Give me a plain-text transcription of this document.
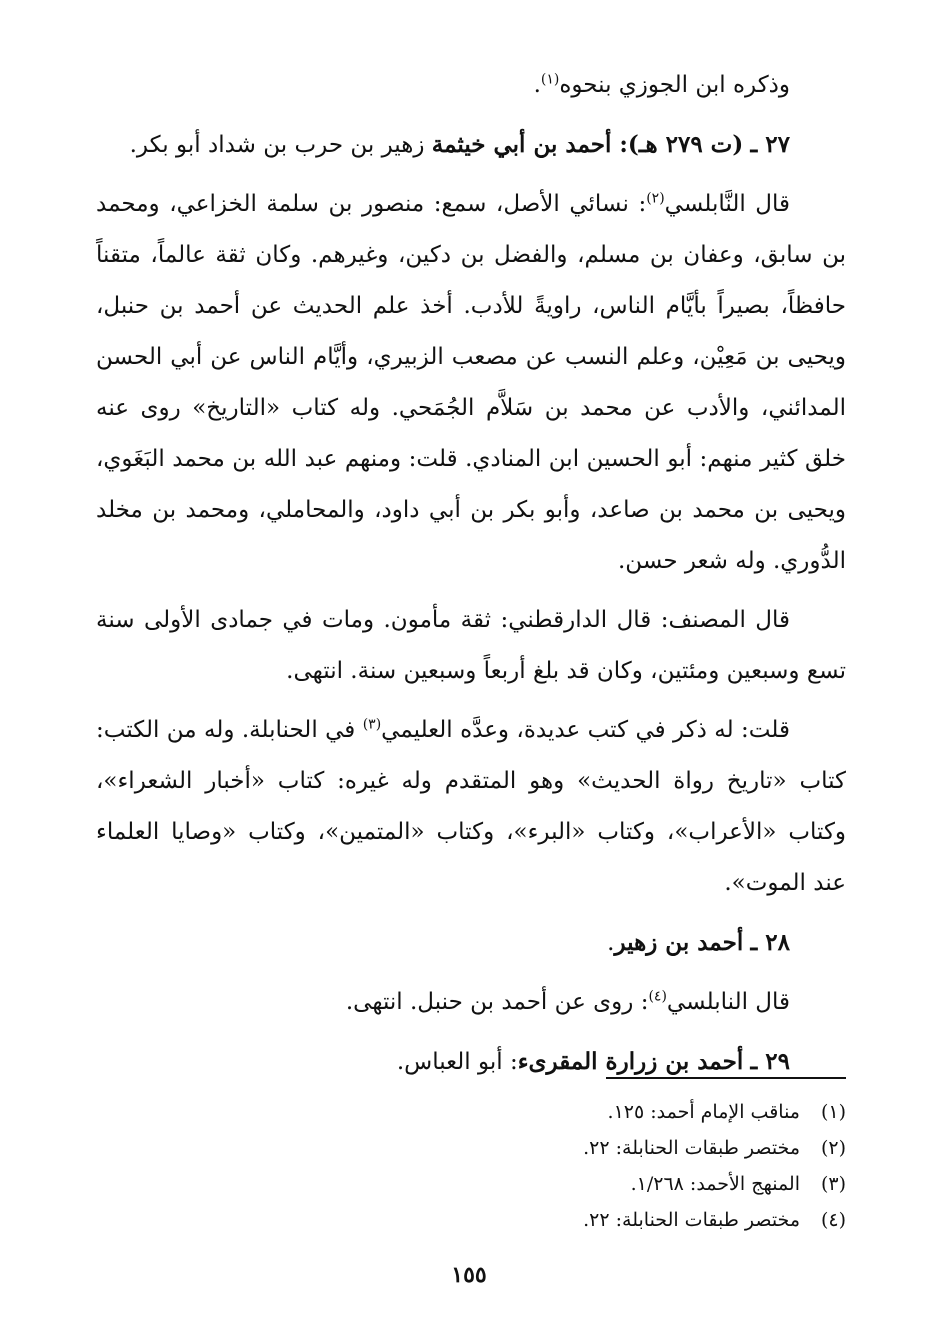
وذكره ابن الجوزي بنحوه$^{(١)}$.

٢٧ ـ (ت ٢٧٩ هـ): أحمد بن أبي خيثمة زهير بن حرب بن شداد أبو بكر.

قال النَّابلسي$^{(٢)}$: نسائي الأصل، سمع: منصور بن سلمة الخزاعي، ومحمد بن سابق، وعفان بن مسلم، والفضل بن دكين، وغيرهم. وكان ثقة عالماً، متقناً حافظاً، بصيراً بأيَّام الناس، راويةً للأدب. أخذ علم الحديث عن أحمد بن حنبل، ويحيى بن مَعِيْن، وعلم النسب عن مصعب الزبيري، وأيَّام الناس عن أبي الحسن المدائني، والأدب عن محمد بن سَلاَّم الجُمَحي. وله كتاب «التاريخ» روى عنه خلق كثير منهم: أبو الحسين ابن المنادي. قلت: ومنهم عبد الله بن محمد البَغَوي، ويحيى بن محمد بن صاعد، وأبو بكر بن أبي داود، والمحاملي، ومحمد بن مخلد الدُّوري. وله شعر حسن.

قال المصنف: قال الدارقطني: ثقة مأمون. ومات في جمادى الأولى سنة تسع وسبعين ومئتين، وكان قد بلغ أربعاً وسبعين سنة. انتهى.

قلت: له ذكر في كتب عديدة، وعدَّه العليمي$^{(٣)}$ في الحنابلة. وله من الكتب: كتاب «تاريخ رواة الحديث» وهو المتقدم وله غيره: كتاب «أخبار الشعراء»، وكتاب «الأعراب»، وكتاب «البرء»، وكتاب «المتمين»، وكتاب «وصايا العلماء عند الموت».

٢٨ ـ أحمد بن زهير.

قال النابلسي$^{(٤)}$: روى عن أحمد بن حنبل. انتهى.

٢٩ ـ أحمد بن زرارة المقرىء: أبو العباس.

(١)
مناقب الإمام أحمد: ١٢٥.
(٢)
مختصر طبقات الحنابلة: ٢٢.
(٣)
المنهج الأحمد: ١/٢٦٨.
(٤)
مختصر طبقات الحنابلة: ٢٢.
١٥٥
